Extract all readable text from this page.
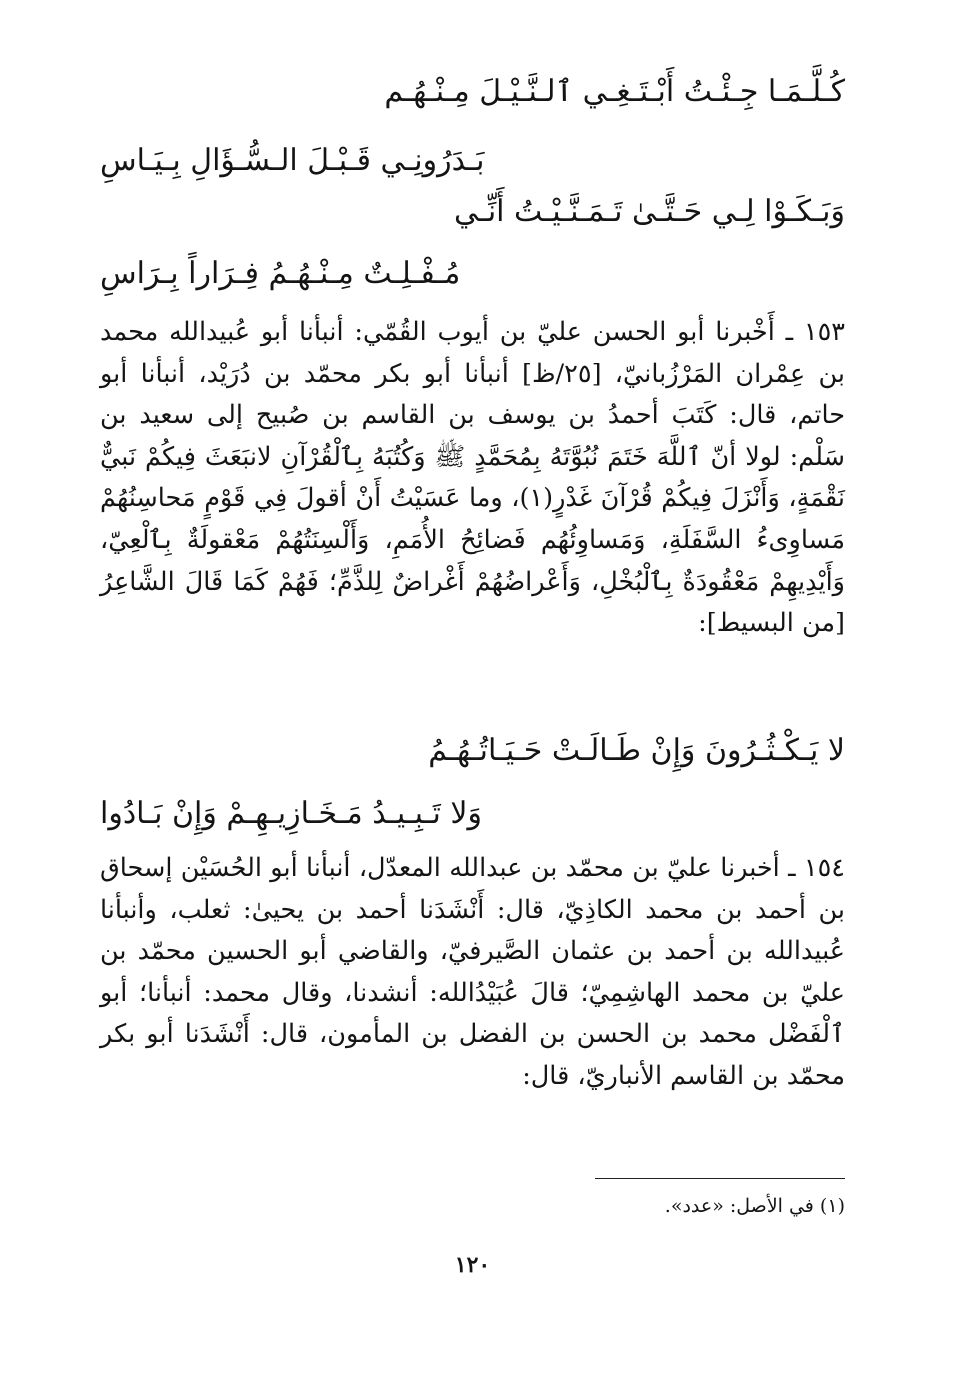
كُـلَّـمَـا جِـئْـتُ أَبْـتَـغِـي ٱلـنَّـيْـلَ مِـنْـهُـم
بَـدَرُونِـي قَـبْـلَ الـسُّـؤَالِ بِـيَـاسِ
وَبَـكَـوْا لِـي حَـتَّـىٰ تَـمَـنَّـيْـتُ أَنِّـي
مُـفْـلِـتٌ مِـنْـهُـمُ فِـرَاراً بِـرَاسِ
١٥٣ ـ أَخْبرنا أبو الحسن عليّ بن أيوب القُمّي: أنبأنا أبو عُبيدالله محمد بن عِمْران المَرْزُبانيّ، [٢٥/ظ] أنبأنا أبو بكر محمّد بن دُرَيْد، أنبأنا أبو حاتم، قال: كَتَبَ أحمدُ بن يوسف بن القاسم بن صُبيح إلى سعيد بن سَلْم: لولا أنّ ٱللَّهَ خَتَمَ نُبُوَّتَهُ بِمُحَمَّدٍ ﷺ وَكُتُبَهُ بِٱلْقُرْآنِ لانبَعَثَ فِيكُمْ نَبيٌّ نَقْمَةٍ، وَأَنْزَلَ فِيكُمْ قُرْآنَ غَدْرٍ(١)، وما عَسَيْتُ أَنْ أقولَ فِي قَوْمٍ مَحاسِنُهُمْ مَساوِىءُ السَّفَلَةِ، وَمَساوِئُهُم فَضائِحُ الأُمَمِ، وَأَلْسِنَتُهُمْ مَعْقولَةٌ بِٱلْعِيّ، وَأَيْدِيهِمْ مَعْقُودَةٌ بِٱلْبُخْلِ، وَأَعْراضُهُمْ أَغْراضٌ لِلذَّمِّ؛ فَهُمْ كَمَا قَالَ الشَّاعِرُ [من البسيط]:
لا يَـكْـثُـرُونَ وَإِنْ طَـالَـتْ حَـيَـاتُـهُـمُ
وَلا تَـبِـيـدُ مَـخَـازِيـهِـمْ وَإِنْ بَـادُوا
١٥٤ ـ أخبرنا عليّ بن محمّد بن عبدالله المعدّل، أنبأنا أبو الحُسَيْن إسحاق بن أحمد بن محمد الكاذِيّ، قال: أَنْشَدَنا أحمد بن يحيىٰ: ثعلب، وأنبأنا عُبيدالله بن أحمد بن عثمان الصَّيرفيّ، والقاضي أبو الحسين محمّد بن عليّ بن محمد الهاشِمِيّ؛ قالَ عُبَيْدُالله: أنشدنا، وقال محمد: أنبأنا؛ أبو ٱلْفَضْل محمد بن الحسن بن الفضل بن المأمون، قال: أَنْشَدَنا أبو بكر محمّد بن القاسم الأنباريّ، قال:
(١) في الأصل: «عدد».
١٢٠
